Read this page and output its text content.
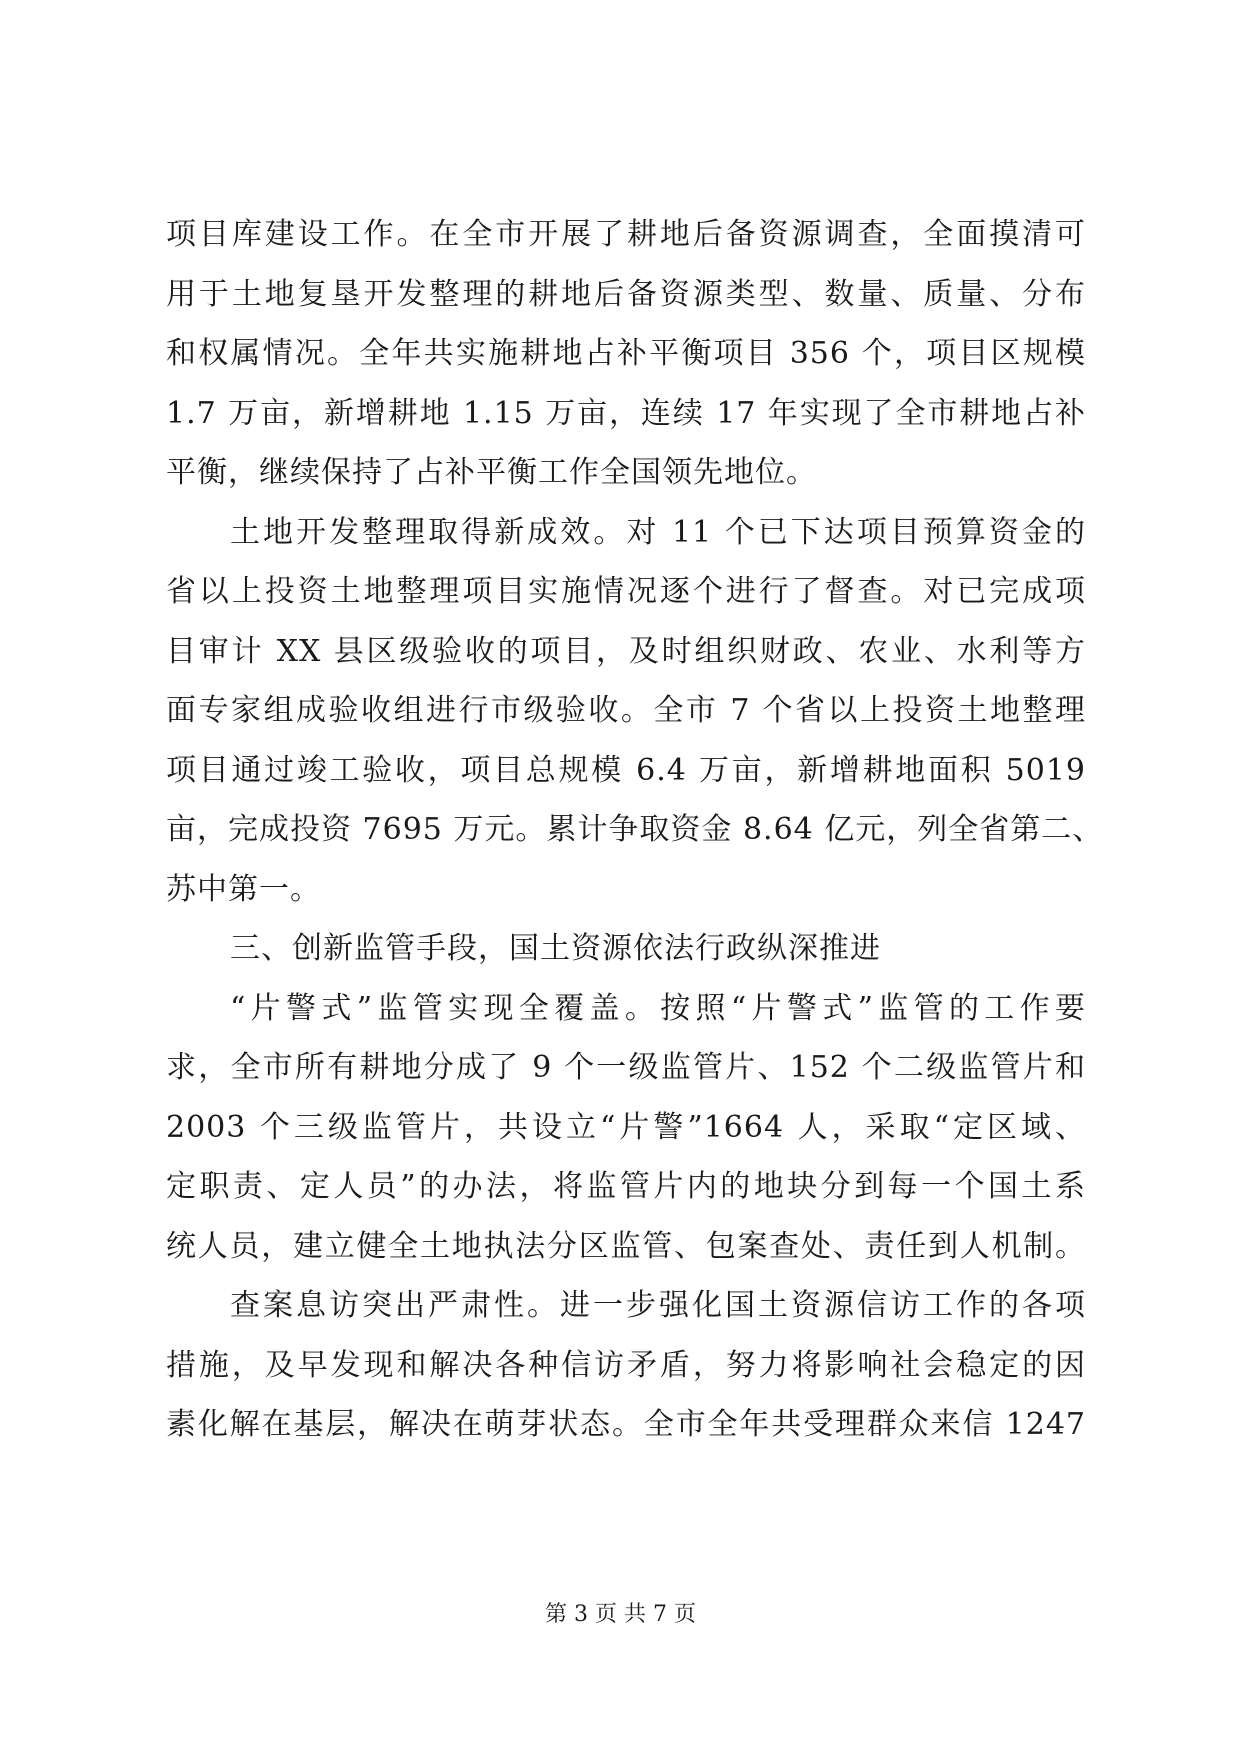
项目库建设工作。在全市开展了耕地后备资源调查，全面摸清可
用于土地复垦开发整理的耕地后备资源类型、数量、质量、分布
和权属情况。全年共实施耕地占补平衡项目 356 个，项目区规模
1.7 万亩，新增耕地 1.15 万亩，连续 17 年实现了全市耕地占补
平衡，继续保持了占补平衡工作全国领先地位。
土地开发整理取得新成效。对 11 个已下达项目预算资金的
省以上投资土地整理项目实施情况逐个进行了督查。对已完成项
目审计 XX 县区级验收的项目，及时组织财政、农业、水利等方
面专家组成验收组进行市级验收。全市 7 个省以上投资土地整理
项目通过竣工验收，项目总规模 6.4 万亩，新增耕地面积 5019
亩，完成投资 7695 万元。累计争取资金 8.64 亿元，列全省第二、
苏中第一。
三、创新监管手段，国土资源依法行政纵深推进
“片警式”监管实现全覆盖。按照“片警式”监管的工作要
求，全市所有耕地分成了 9 个一级监管片、152 个二级监管片和
2003 个三级监管片，共设立“片警”1664 人，采取“定区域、
定职责、定人员”的办法，将监管片内的地块分到每一个国土系
统人员，建立健全土地执法分区监管、包案查处、责任到人机制。
查案息访突出严肃性。进一步强化国土资源信访工作的各项
措施，及早发现和解决各种信访矛盾，努力将影响社会稳定的因
素化解在基层，解决在萌芽状态。全市全年共受理群众来信 1247
第 3 页 共 7 页
